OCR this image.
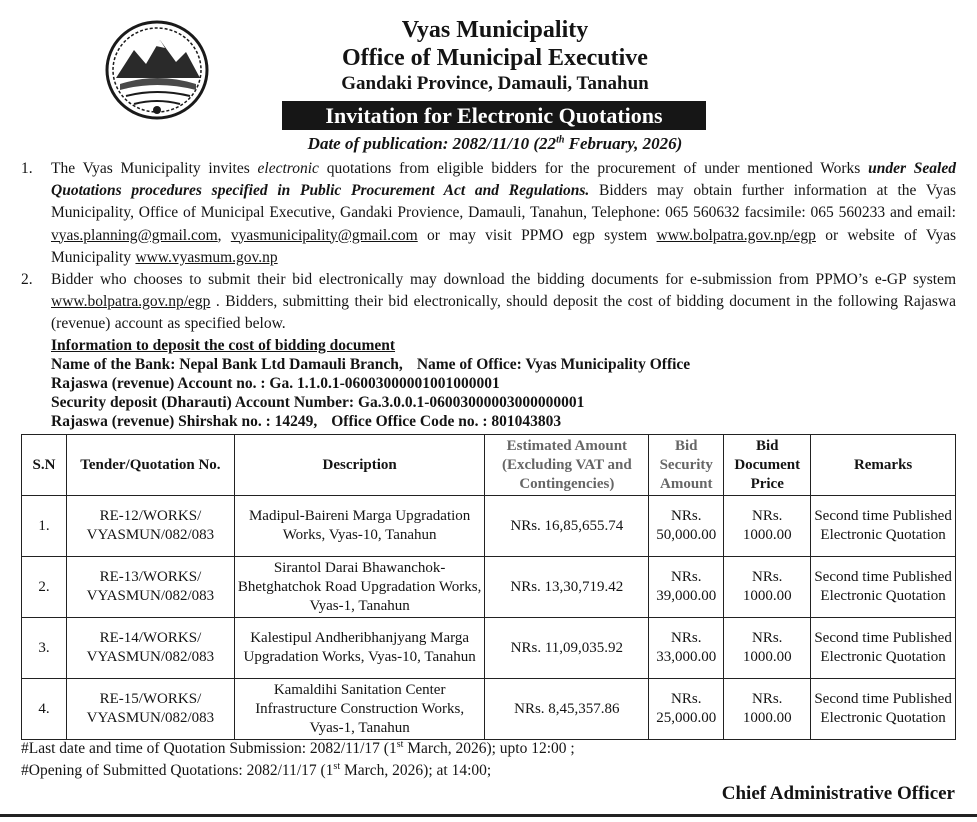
Vyas Municipality
Office of Municipal Executive
Gandaki Province, Damauli, Tanahun
Invitation for Electronic Quotations
Date of publication: 2082/11/10 (22th February, 2026)
1. The Vyas Municipality invites electronic quotations from eligible bidders for the procurement of under mentioned Works under Sealed Quotations procedures specified in Public Procurement Act and Regulations. Bidders may obtain further information at the Vyas Municipality, Office of Municipal Executive, Gandaki Provience, Damauli, Tanahun, Telephone: 065 560632 facsimile: 065 560233 and email: vyas.planning@gmail.com, vyasmunicipality@gmail.com or may visit PPMO egp system www.bolpatra.gov.np/egp or website of Vyas Municipality www.vyasmum.gov.np
2. Bidder who chooses to submit their bid electronically may download the bidding documents for e-submission from PPMO’s e-GP system www.bolpatra.gov.np/egp . Bidders, submitting their bid electronically, should deposit the cost of bidding document in the following Rajaswa (revenue) account as specified below.
Information to deposit the cost of bidding document
Name of the Bank: Nepal Bank Ltd Damauli Branch, Name of Office: Vyas Municipality Office
Rajaswa (revenue) Account no. : Ga. 1.1.0.1-06003000001001000001
Security deposit (Dharauti) Account Number: Ga.3.0.0.1-06003000003000000001
Rajaswa (revenue) Shirshak no. : 14249, Office Office Code no. : 801043803
S.N	Tender/Quotation No.	Description	Estimated Amount (Excluding VAT and Contingencies)	Bid Security Amount	Bid Document Price	Remarks
1.	RE-12/WORKS/ VYASMUN/082/083	Madipul-Baireni Marga Upgradation Works, Vyas-10, Tanahun	NRs. 16,85,655.74	NRs. 50,000.00	NRs. 1000.00	Second time Published Electronic Quotation
2.	RE-13/WORKS/ VYASMUN/082/083	Sirantol Darai Bhawanchok-Bhetghatchok Road Upgradation Works, Vyas-1, Tanahun	NRs. 13,30,719.42	NRs. 39,000.00	NRs. 1000.00	Second time Published Electronic Quotation
3.	RE-14/WORKS/ VYASMUN/082/083	Kalestipul Andheribhanjyang Marga Upgradation Works, Vyas-10, Tanahun	NRs. 11,09,035.92	NRs. 33,000.00	NRs. 1000.00	Second time Published Electronic Quotation
4.	RE-15/WORKS/ VYASMUN/082/083	Kamaldihi Sanitation Center Infrastructure Construction Works, Vyas-1, Tanahun	NRs. 8,45,357.86	NRs. 25,000.00	NRs. 1000.00	Second time Published Electronic Quotation
#Last date and time of Quotation Submission: 2082/11/17 (1st March, 2026); upto 12:00 ;
#Opening of Submitted Quotations: 2082/11/17 (1st March, 2026); at 14:00;
Chief Administrative Officer
